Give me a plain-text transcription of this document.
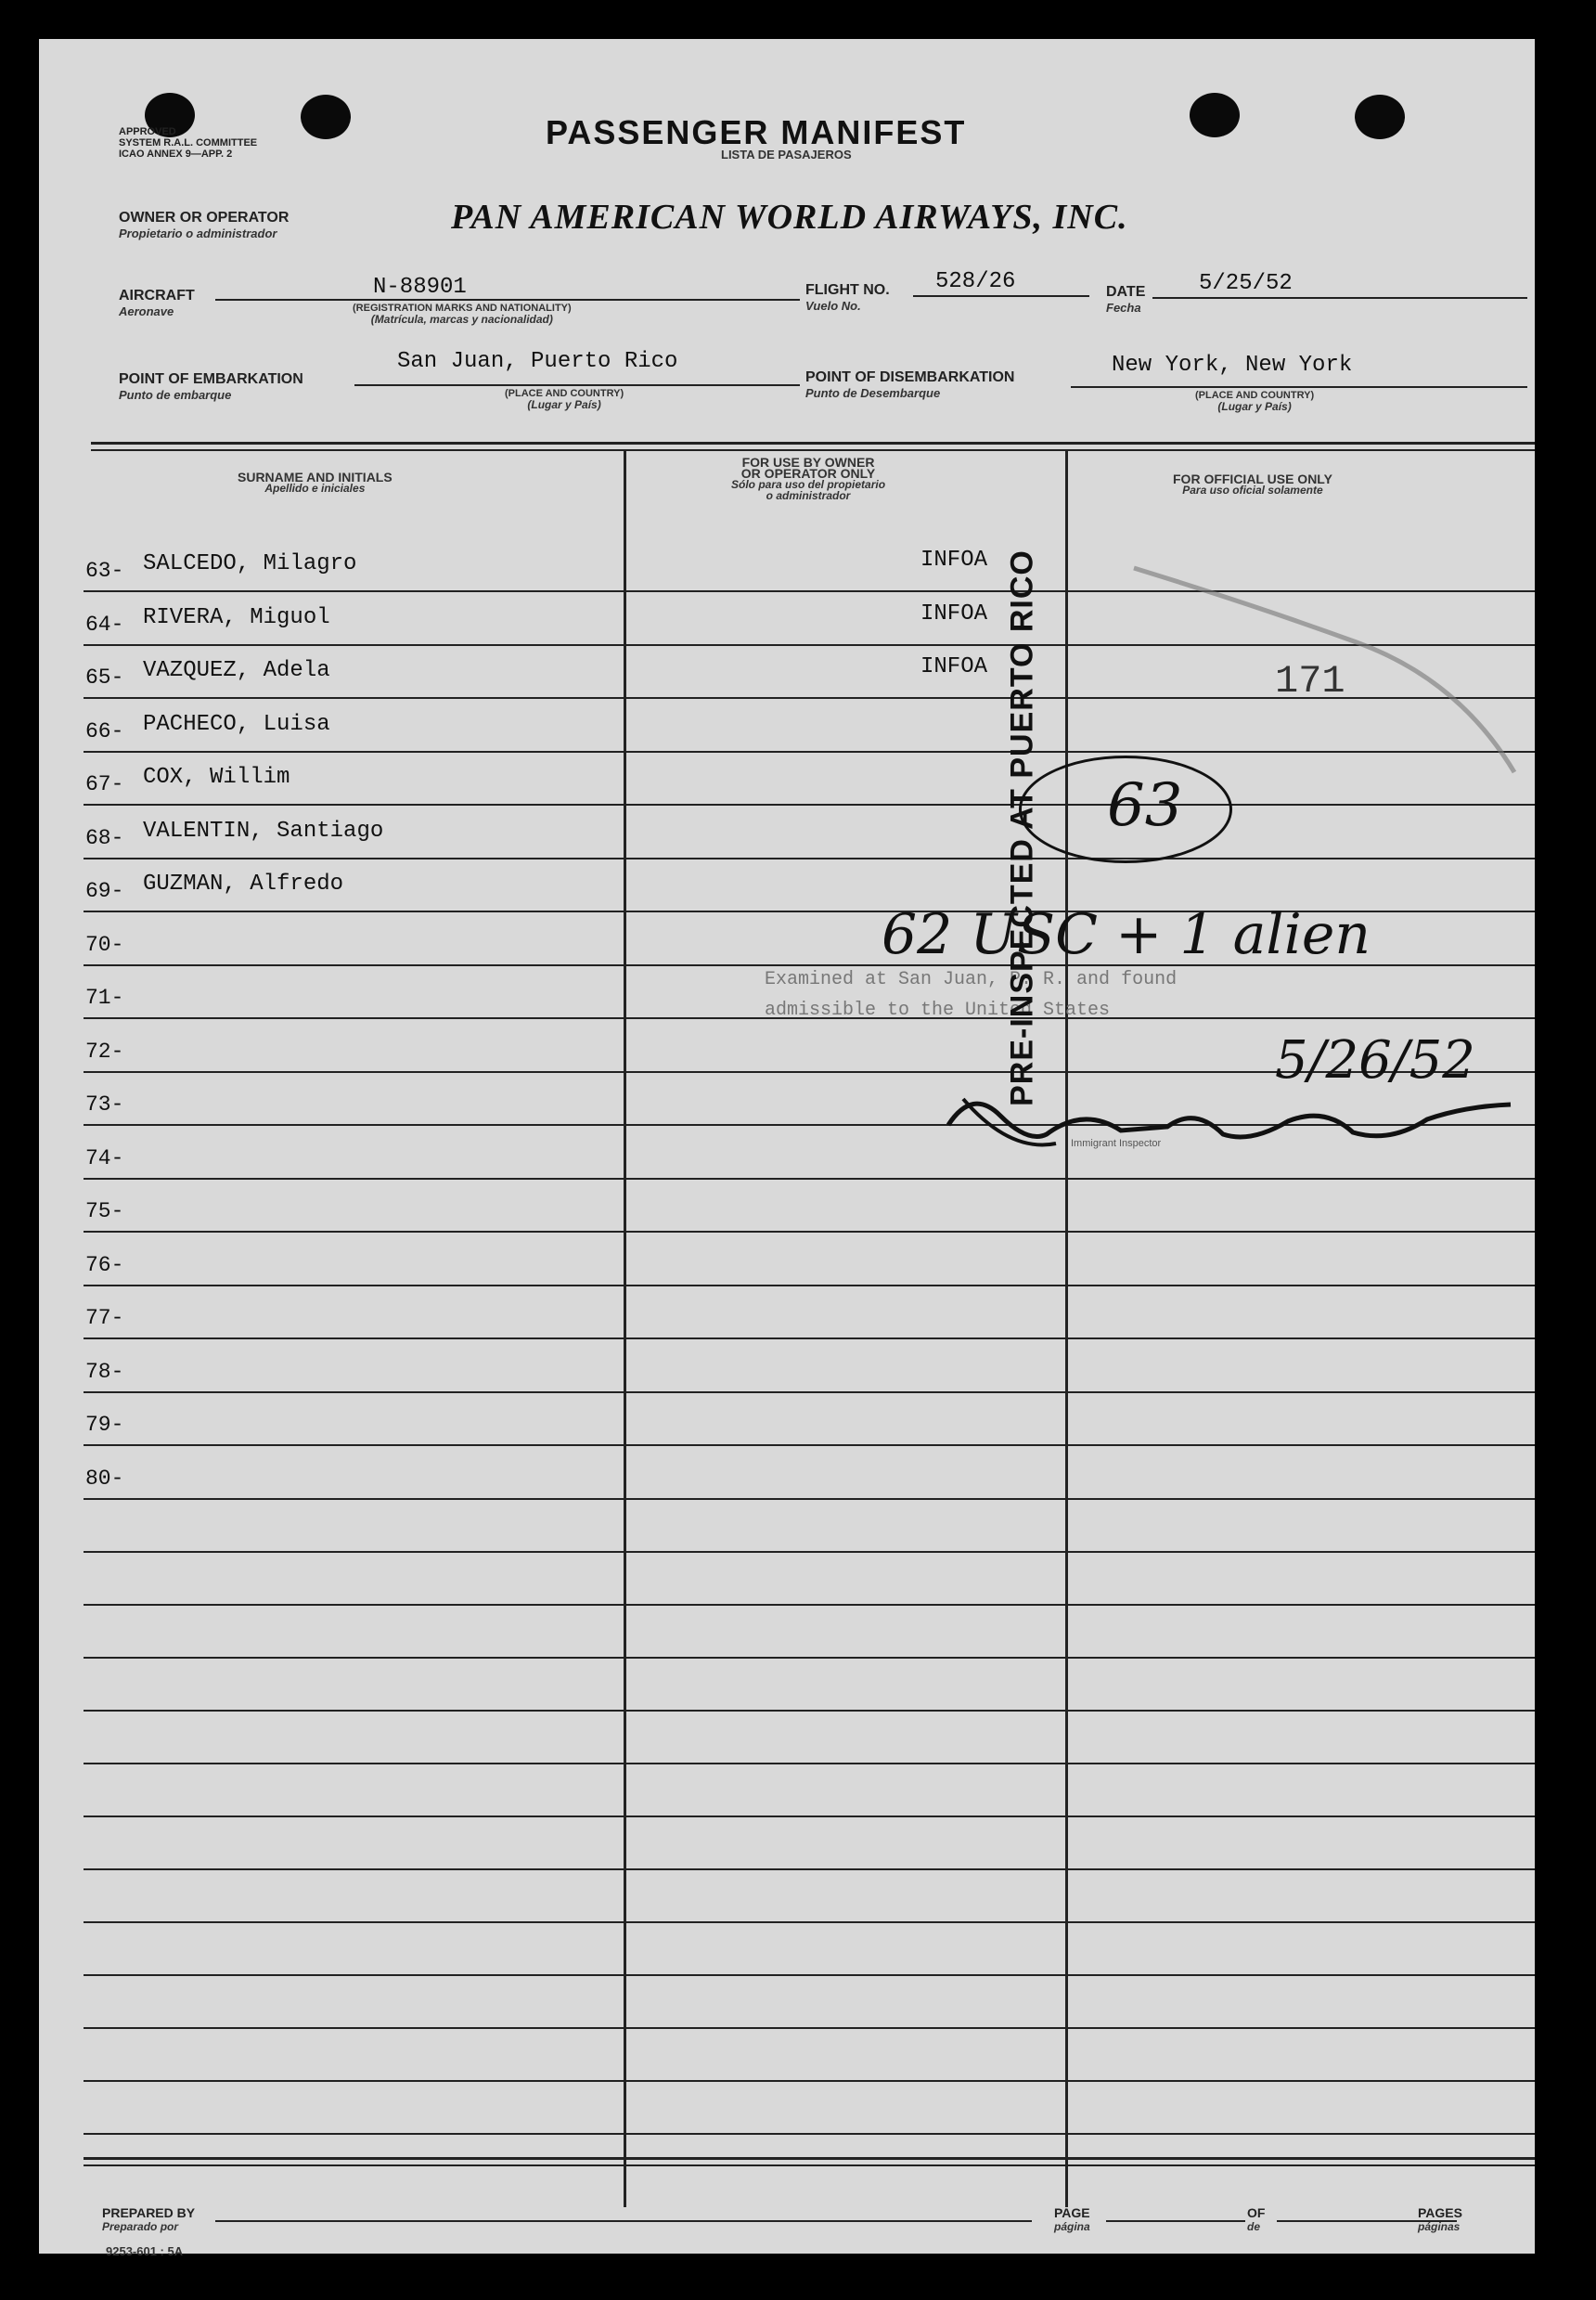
APPROVED
SYSTEM R.A.L. COMMITTEE
ICAO ANNEX 9—APP. 2
PASSENGER MANIFEST
LISTA DE PASAJEROS
OWNER OR OPERATOR
Propietario o administrador	PAN AMERICAN WORLD AIRWAYS, INC.
AIRCRAFT
Aeronave
N-88901
(REGISTRATION MARKS AND NATIONALITY)
(Matrícula, marcas y nacionalidad)
FLIGHT NO.
Vuelo No.
528/26	DATE
Fecha
5/25/52
POINT OF EMBARKATION
Punto de embarque
San Juan, Puerto Rico
(PLACE AND COUNTRY)
(Lugar y País)
POINT OF DISEMBARKATION
Punto de Desembarque
New York, New York
(PLACE AND COUNTRY)
(Lugar y País)
SURNAME AND INITIALS
Apellido e iniciales
FOR USE BY OWNER
OR OPERATOR ONLY
Sólo para uso del propietario
o administrador
FOR OFFICIAL USE ONLY
Para uso oficial solamente
63- SALCEDO, Milagro	INFOA
64- RIVERA, Miguol	INFOA
65- VAZQUEZ, Adela	INFOA
66- PACHECO, Luisa
67- COX, Willim
68- VALENTIN, Santiago
69- GUZMAN, Alfredo
70-
71-
72-
73-
74-
75-
76-
77-
78-
79-
80-
171
63
62 USC + 1 alien
Examined at San Juan, P. R. and found
admissible to the United States
5/26/52
Immigrant Inspector
PRE-INSPECTED AT PUERTO RICO
PREPARED BY
Preparado por
PAGE
página
OF
de
PAGES
páginas
9253-601 : 5A
